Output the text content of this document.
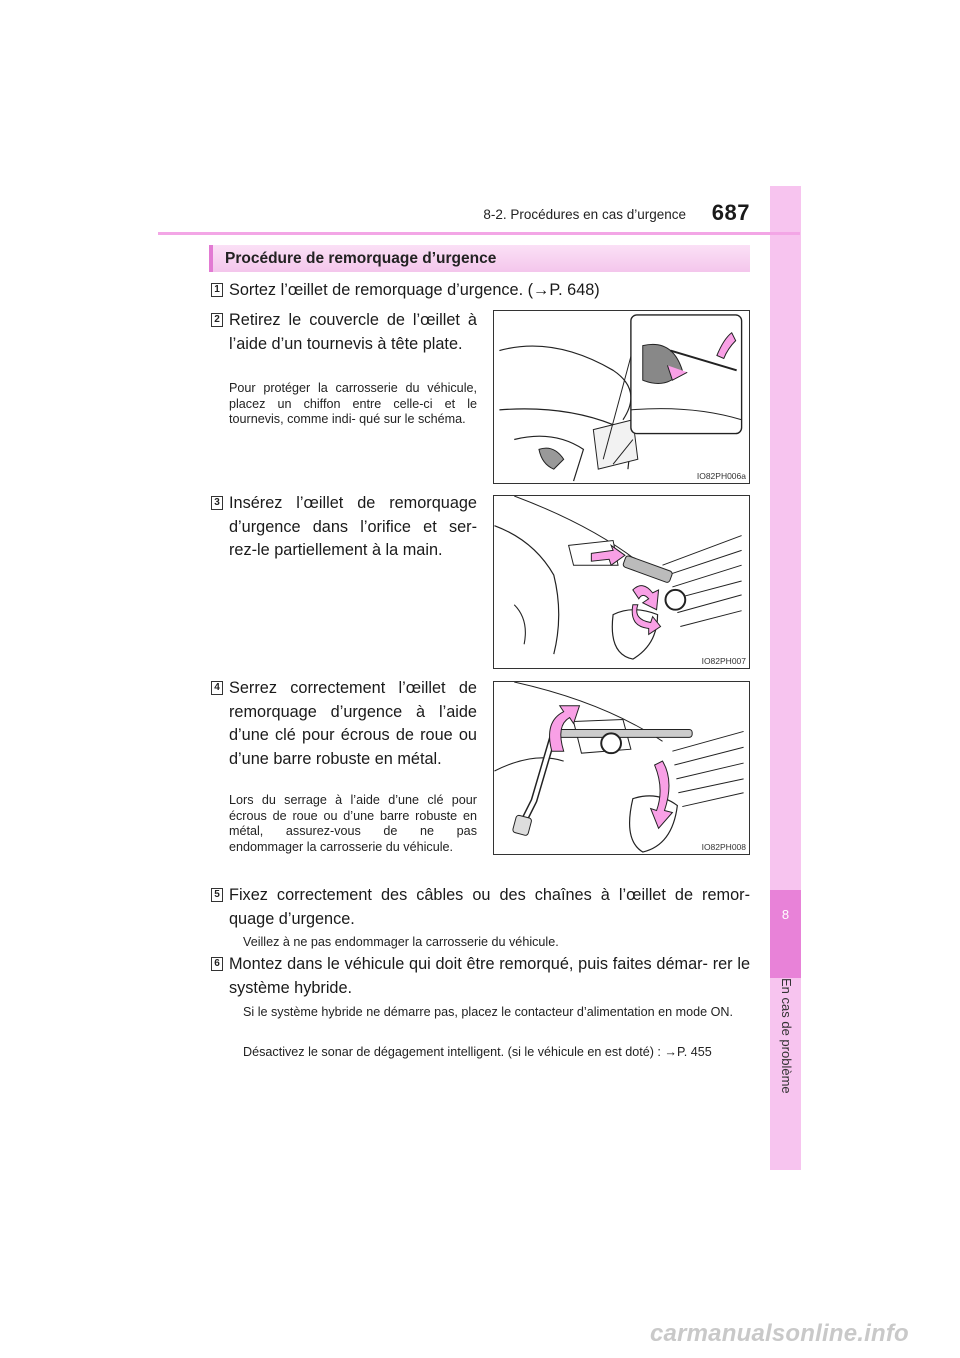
8
En cas de problème
8-2. Procédures en cas d’urgence	687
Procédure de remorquage d’urgence
1 Sortez l’œillet de remorquage d’urgence. (→P. 648)
2 Retirez le couvercle de l’œillet à l’aide d’un tournevis à tête plate.
Pour protéger la carrosserie du véhicule, placez un chiffon entre celle-ci et le tournevis, comme indi- qué sur le schéma.
IO82PH006a
3 Insérez l’œillet de remorquage d’urgence dans l’orifice et ser- rez-le partiellement à la main.
IO82PH007
4 Serrez correctement l’œillet de remorquage d’urgence à l’aide d’une clé pour écrous de roue ou d’une barre robuste en métal.
Lors du serrage à l’aide d’une clé pour écrous de roue ou d’une barre robuste en métal, assurez-vous de ne pas endommager la carrosserie du véhicule.	IO82PH008
5 Fixez correctement des câbles ou des chaînes à l’œillet de remor- quage d’urgence.
Veillez à ne pas endommager la carrosserie du véhicule.
6 Montez dans le véhicule qui doit être remorqué, puis faites démar- rer le système hybride.
Si le système hybride ne démarre pas, placez le contacteur d’alimentation en mode ON.
Désactivez le sonar de dégagement intelligent. (si le véhicule en est doté) : →P. 455
carmanualsonline.info
